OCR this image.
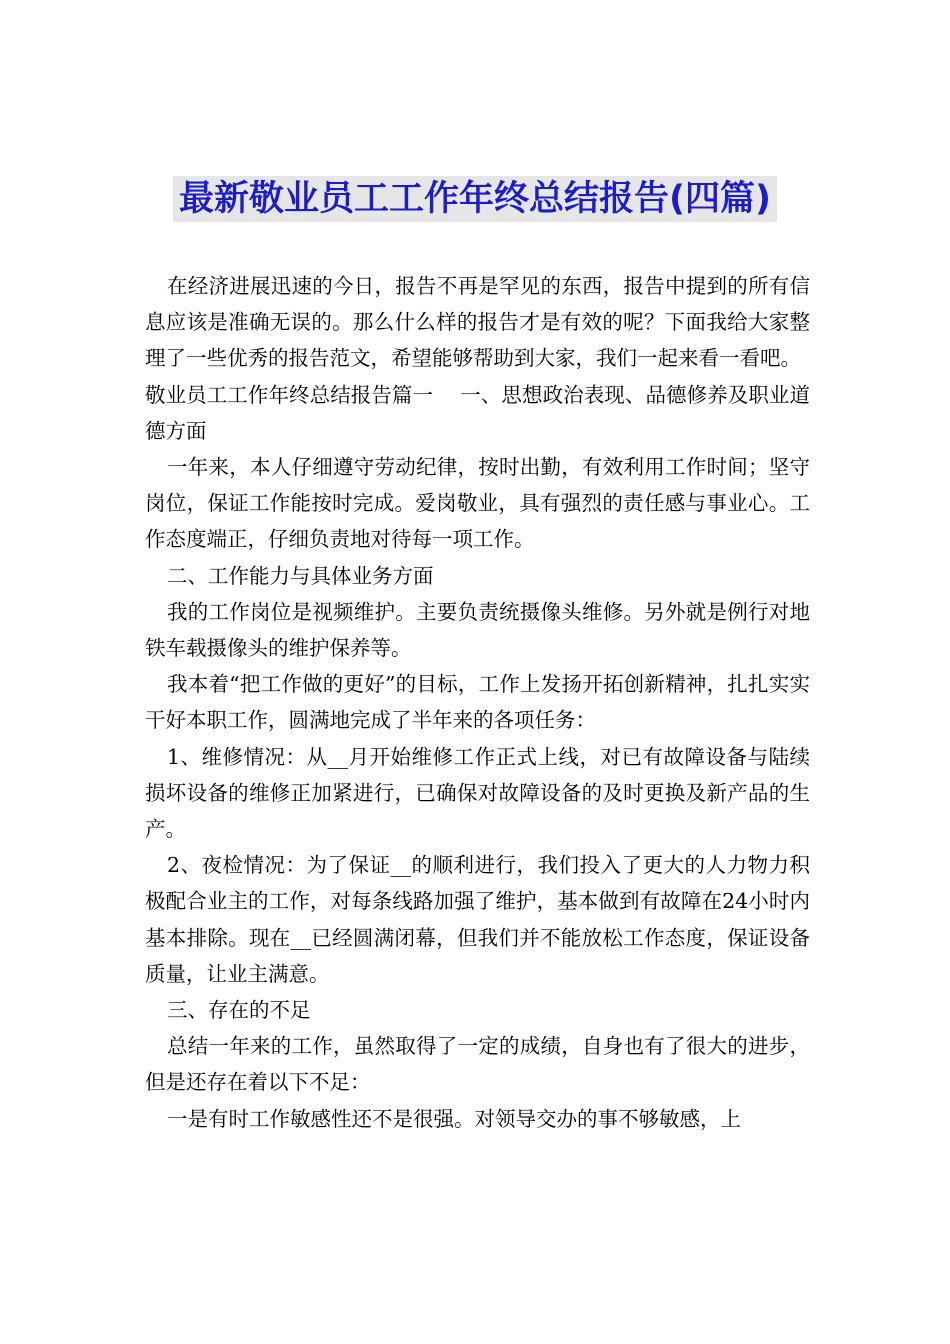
最新敬业员工工作年终总结报告(四篇)

在经济进展迅速的今日，报告不再是罕见的东西，报告中提到的所有信息应该是准确无误的。那么什么样的报告才是有效的呢？下面我给大家整理了一些优秀的报告范文，希望能够帮助到大家，我们一起来看一看吧。

敬业员工工作年终总结报告篇一　 一、思想政治表现、品德修养及职业道德方面

一年来，本人仔细遵守劳动纪律，按时出勤，有效利用工作时间；坚守岗位，保证工作能按时完成。爱岗敬业，具有强烈的责任感与事业心。工作态度端正，仔细负责地对待每一项工作。

二、工作能力与具体业务方面

我的工作岗位是视频维护。主要负责统摄像头维修。另外就是例行对地铁车载摄像头的维护保养等。

我本着“把工作做的更好”的目标，工作上发扬开拓创新精神，扎扎实实干好本职工作，圆满地完成了半年来的各项任务：

1、维修情况：从__月开始维修工作正式上线，对已有故障设备与陆续损坏设备的维修正加紧进行，已确保对故障设备的及时更换及新产品的生产。

2、夜检情况：为了保证__的顺利进行，我们投入了更大的人力物力积极配合业主的工作，对每条线路加强了维护，基本做到有故障在24小时内基本排除。现在__已经圆满闭幕，但我们并不能放松工作态度，保证设备质量，让业主满意。

三、存在的不足

总结一年来的工作，虽然取得了一定的成绩，自身也有了很大的进步，但是还存在着以下不足：

一是有时工作敏感性还不是很强。对领导交办的事不够敏感，上
